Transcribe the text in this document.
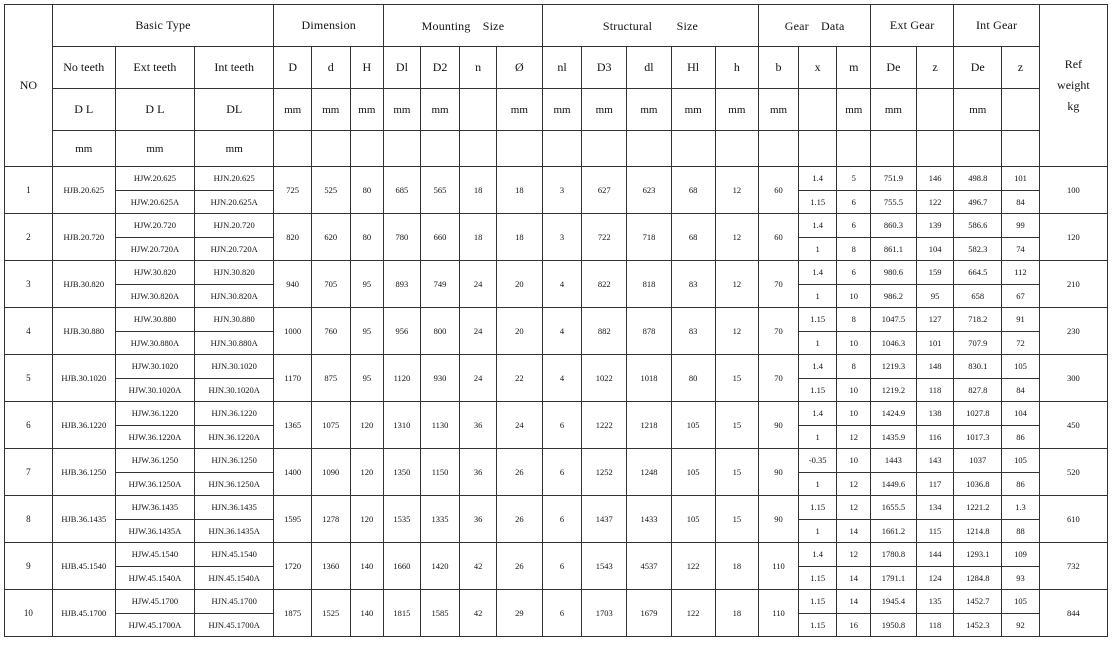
NO	Basic Type			Dimension			Mounting　Size				Structural　　Size					Gear　Data			Ext Gear		Int Gear		Ref weight kg
	No teeth	Ext teeth	Int teeth	D	d	H	Dl	D2	n	Ø	nl	D3	dl	Hl	h	b	x	m	De	z	De	z	
	D L	D L	DL	mm	mm	mm	mm	mm		mm	mm	mm	mm	mm	mm	mm		mm	mm		mm		
	mm	mm	mm																				
1	HJB.20.625	HJW.20.625	HJN.20.625	725	525	80	685	565	18	18	3	627	623	68	12	60	1.4	5	751.9	146	498.8	101	100
		HJW.20.625A	HJN.20.625A														1.15	6	755.5	122	496.7	84	
2	HJB.20.720	HJW.20.720	HJN.20.720	820	620	80	780	660	18	18	3	722	718	68	12	60	1.4	6	860.3	139	586.6	99	120
		HJW.20.720A	HJN.20.720A														1	8	861.1	104	582.3	74	
3	HJB.30.820	HJW.30.820	HJN.30.820	940	705	95	893	749	24	20	4	822	818	83	12	70	1.4	6	980.6	159	664.5	112	210
		HJW.30.820A	HJN.30.820A														1	10	986.2	95	658	67	
4	HJB.30.880	HJW.30.880	HJN.30.880	1000	760	95	956	800	24	20	4	882	878	83	12	70	1.15	8	1047.5	127	718.2	91	230
		HJW.30.880A	HJN.30.880A														1	10	1046.3	101	707.9	72	
5	HJB.30.1020	HJW.30.1020	HJN.30.1020	1170	875	95	1120	930	24	22	4	1022	1018	80	15	70	1.4	8	1219.3	148	830.1	105	300
		HJW.30.1020A	HJN.30.1020A														1.15	10	1219.2	118	827.8	84	
6	HJB.36.1220	HJW.36.1220	HJN.36.1220	1365	1075	120	1310	1130	36	24	6	1222	1218	105	15	90	1.4	10	1424.9	138	1027.8	104	450
		HJW.36.1220A	HJN.36.1220A														1	12	1435.9	116	1017.3	86	
7	HJB.36.1250	HJW.36.1250	HJN.36.1250	1400	1090	120	1350	1150	36	26	6	1252	1248	105	15	90	-0.35	10	1443	143	1037	105	520
		HJW.36.1250A	HJN.36.1250A														1	12	1449.6	117	1036.8	86	
8	HJB.36.1435	HJW.36.1435	HJN.36.1435	1595	1278	120	1535	1335	36	26	6	1437	1433	105	15	90	1.15	12	1655.5	134	1221.2	1.3	610
		HJW.36.1435A	HJN.36.1435A														1	14	1661.2	115	1214.8	88	
9	HJB.45.1540	HJW.45.1540	HJN.45.1540	1720	1360	140	1660	1420	42	26	6	1543	4537	122	18	110	1.4	12	1780.8	144	1293.1	109	732
		HJW.45.1540A	HJN.45.1540A														1.15	14	1791.1	124	1284.8	93	
10	HJB.45.1700	HJW.45.1700	HJN.45.1700	1875	1525	140	1815	1585	42	29	6	1703	1679	122	18	110	1.15	14	1945.4	135	1452.7	105	844
		HJW.45.1700A	HJN.45.1700A														1.15	16	1950.8	118	1452.3	92	
